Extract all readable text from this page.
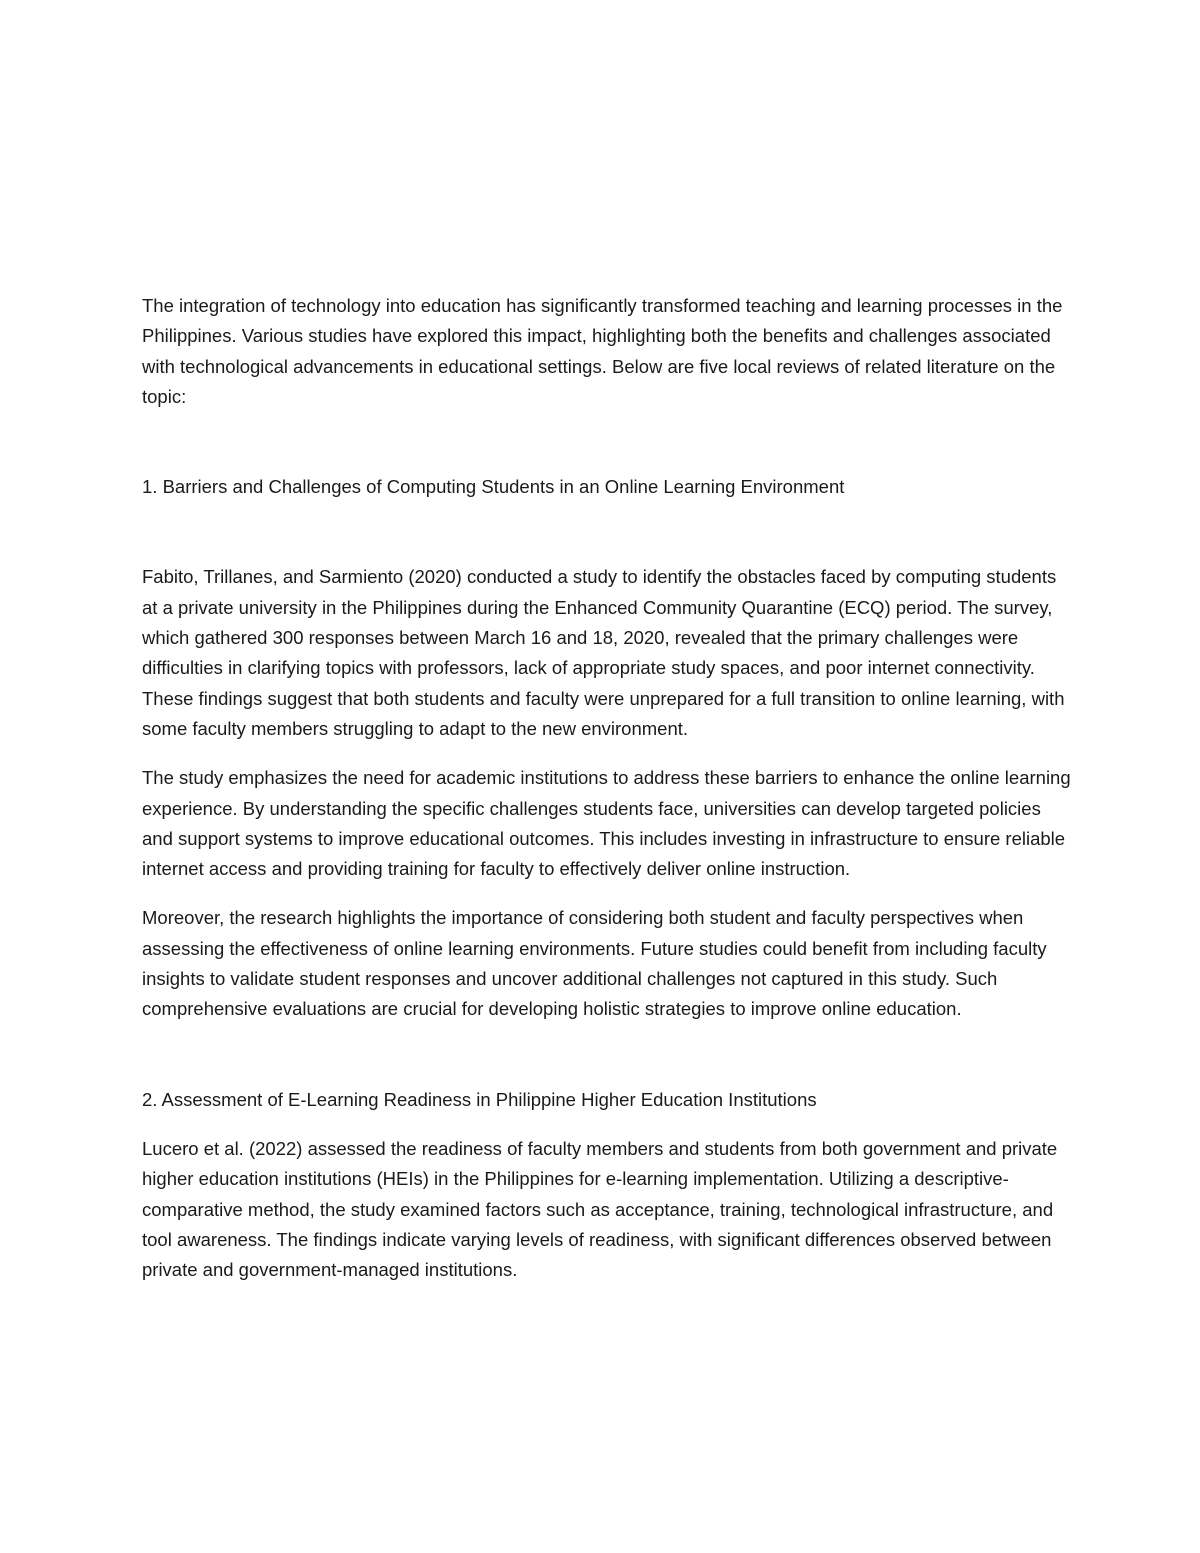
The integration of technology into education has significantly transformed teaching and learning processes in the Philippines. Various studies have explored this impact, highlighting both the benefits and challenges associated with technological advancements in educational settings. Below are five local reviews of related literature on the topic:

1. Barriers and Challenges of Computing Students in an Online Learning Environment

Fabito, Trillanes, and Sarmiento (2020) conducted a study to identify the obstacles faced by computing students at a private university in the Philippines during the Enhanced Community Quarantine (ECQ) period. The survey, which gathered 300 responses between March 16 and 18, 2020, revealed that the primary challenges were difficulties in clarifying topics with professors, lack of appropriate study spaces, and poor internet connectivity. These findings suggest that both students and faculty were unprepared for a full transition to online learning, with some faculty members struggling to adapt to the new environment.

The study emphasizes the need for academic institutions to address these barriers to enhance the online learning experience. By understanding the specific challenges students face, universities can develop targeted policies and support systems to improve educational outcomes. This includes investing in infrastructure to ensure reliable internet access and providing training for faculty to effectively deliver online instruction.

Moreover, the research highlights the importance of considering both student and faculty perspectives when assessing the effectiveness of online learning environments. Future studies could benefit from including faculty insights to validate student responses and uncover additional challenges not captured in this study. Such comprehensive evaluations are crucial for developing holistic strategies to improve online education.

2. Assessment of E-Learning Readiness in Philippine Higher Education Institutions

Lucero et al. (2022) assessed the readiness of faculty members and students from both government and private higher education institutions (HEIs) in the Philippines for e-learning implementation. Utilizing a descriptive-comparative method, the study examined factors such as acceptance, training, technological infrastructure, and tool awareness. The findings indicate varying levels of readiness, with significant differences observed between private and government-managed institutions.
